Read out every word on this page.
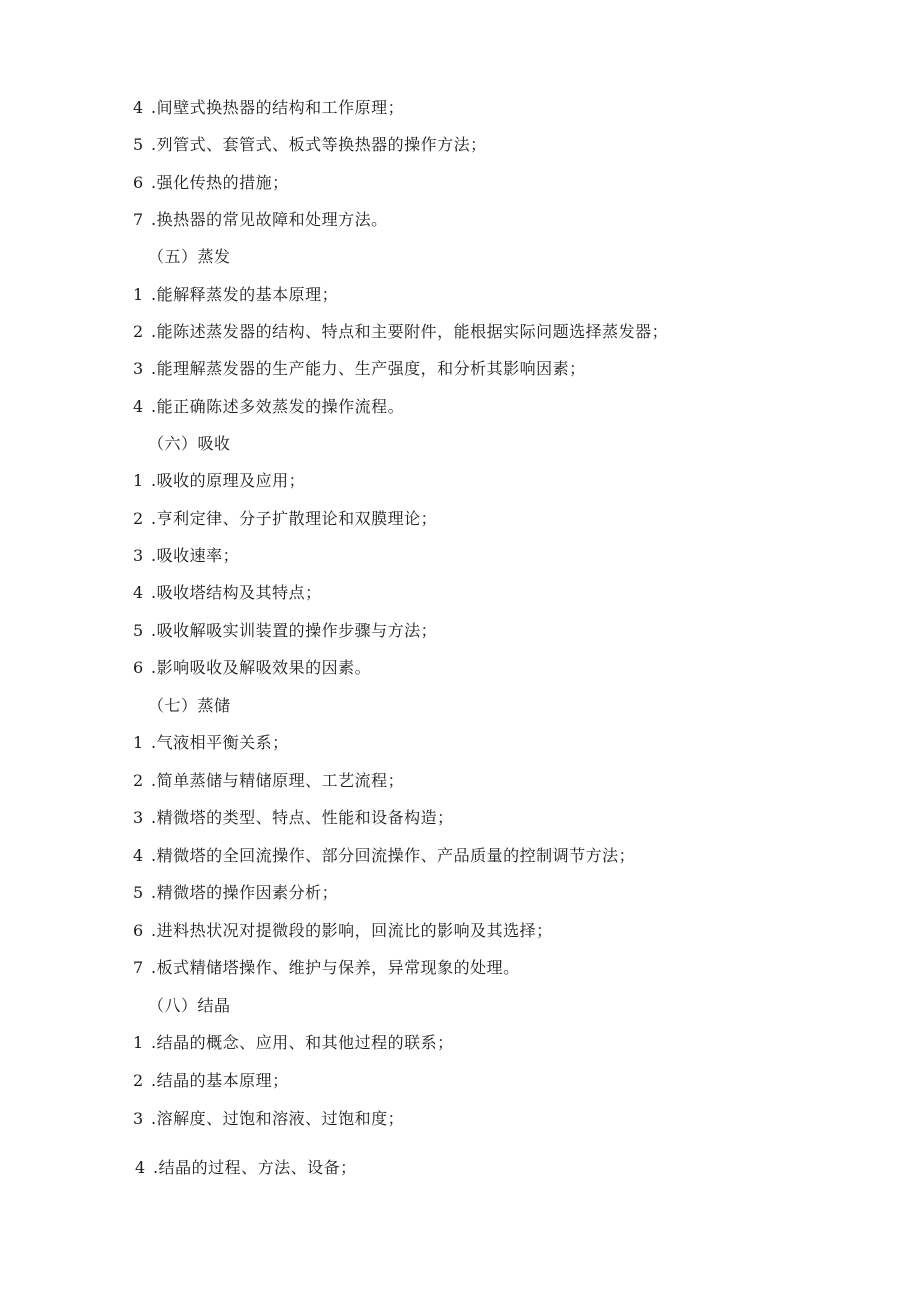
4 .间壁式换热器的结构和工作原理；
5 .列管式、套管式、板式等换热器的操作方法；
6 .强化传热的措施；
7 .换热器的常见故障和处理方法。
（五）蒸发
1 .能解释蒸发的基本原理；
2 .能陈述蒸发器的结构、特点和主要附件，能根据实际问题选择蒸发器；
3 .能理解蒸发器的生产能力、生产强度，和分析其影响因素；
4 .能正确陈述多效蒸发的操作流程。
（六）吸收
1 .吸收的原理及应用；
2 .亨利定律、分子扩散理论和双膜理论；
3 .吸收速率；
4 .吸收塔结构及其特点；
5 .吸收解吸实训装置的操作步骤与方法；
6 .影响吸收及解吸效果的因素。
（七）蒸储
1 .气液相平衡关系；
2 .简单蒸储与精储原理、工艺流程；
3 .精微塔的类型、特点、性能和设备构造；
4 .精微塔的全回流操作、部分回流操作、产品质量的控制调节方法；
5 .精微塔的操作因素分析；
6 .进料热状况对提微段的影响，回流比的影响及其选择；
7 .板式精储塔操作、维护与保养，异常现象的处理。
（八）结晶
1 .结晶的概念、应用、和其他过程的联系；
2 .结晶的基本原理；
3 .溶解度、过饱和溶液、过饱和度；
4 .结晶的过程、方法、设备；
